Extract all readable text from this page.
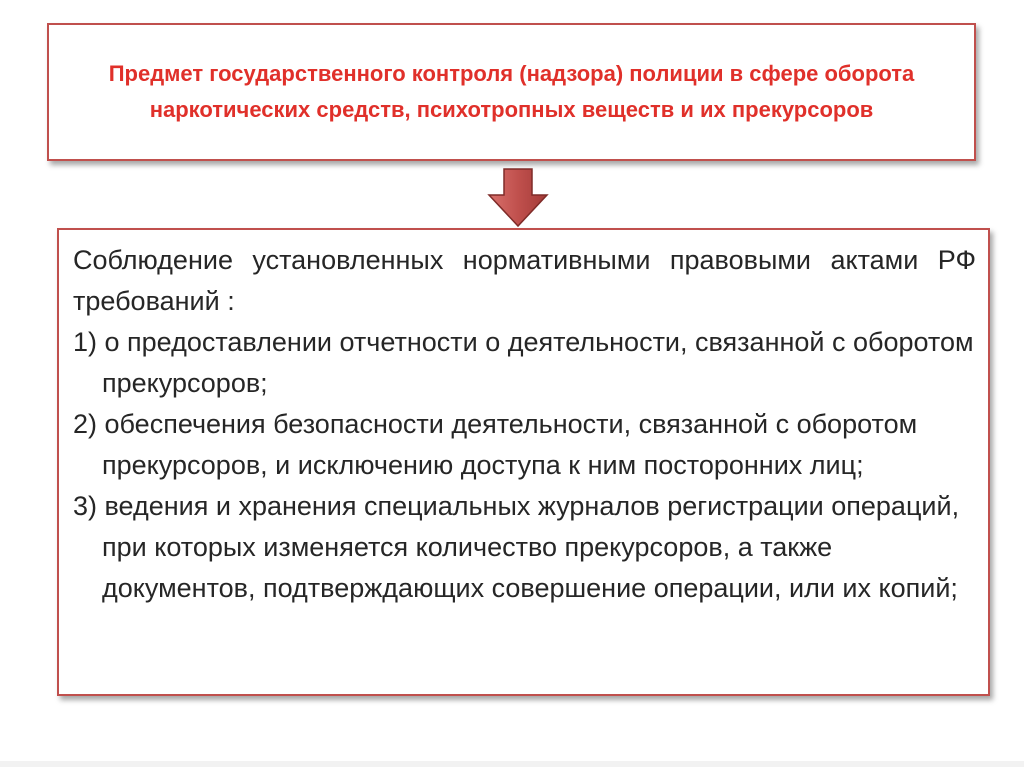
Предмет государственного контроля (надзора) полиции в сфере оборота наркотических средств, психотропных веществ и их прекурсоров
Соблюдение установленных нормативными правовыми актами РФ требований :
1) о предоставлении отчетности о деятельности, связанной с оборотом прекурсоров;
2) обеспечения безопасности деятельности, связанной с оборотом прекурсоров, и исключению доступа к ним посторонних лиц;
3) ведения и хранения специальных журналов регистрации операций, при которых изменяется количество прекурсоров, а также документов, подтверждающих совершение операции, или их копий;
